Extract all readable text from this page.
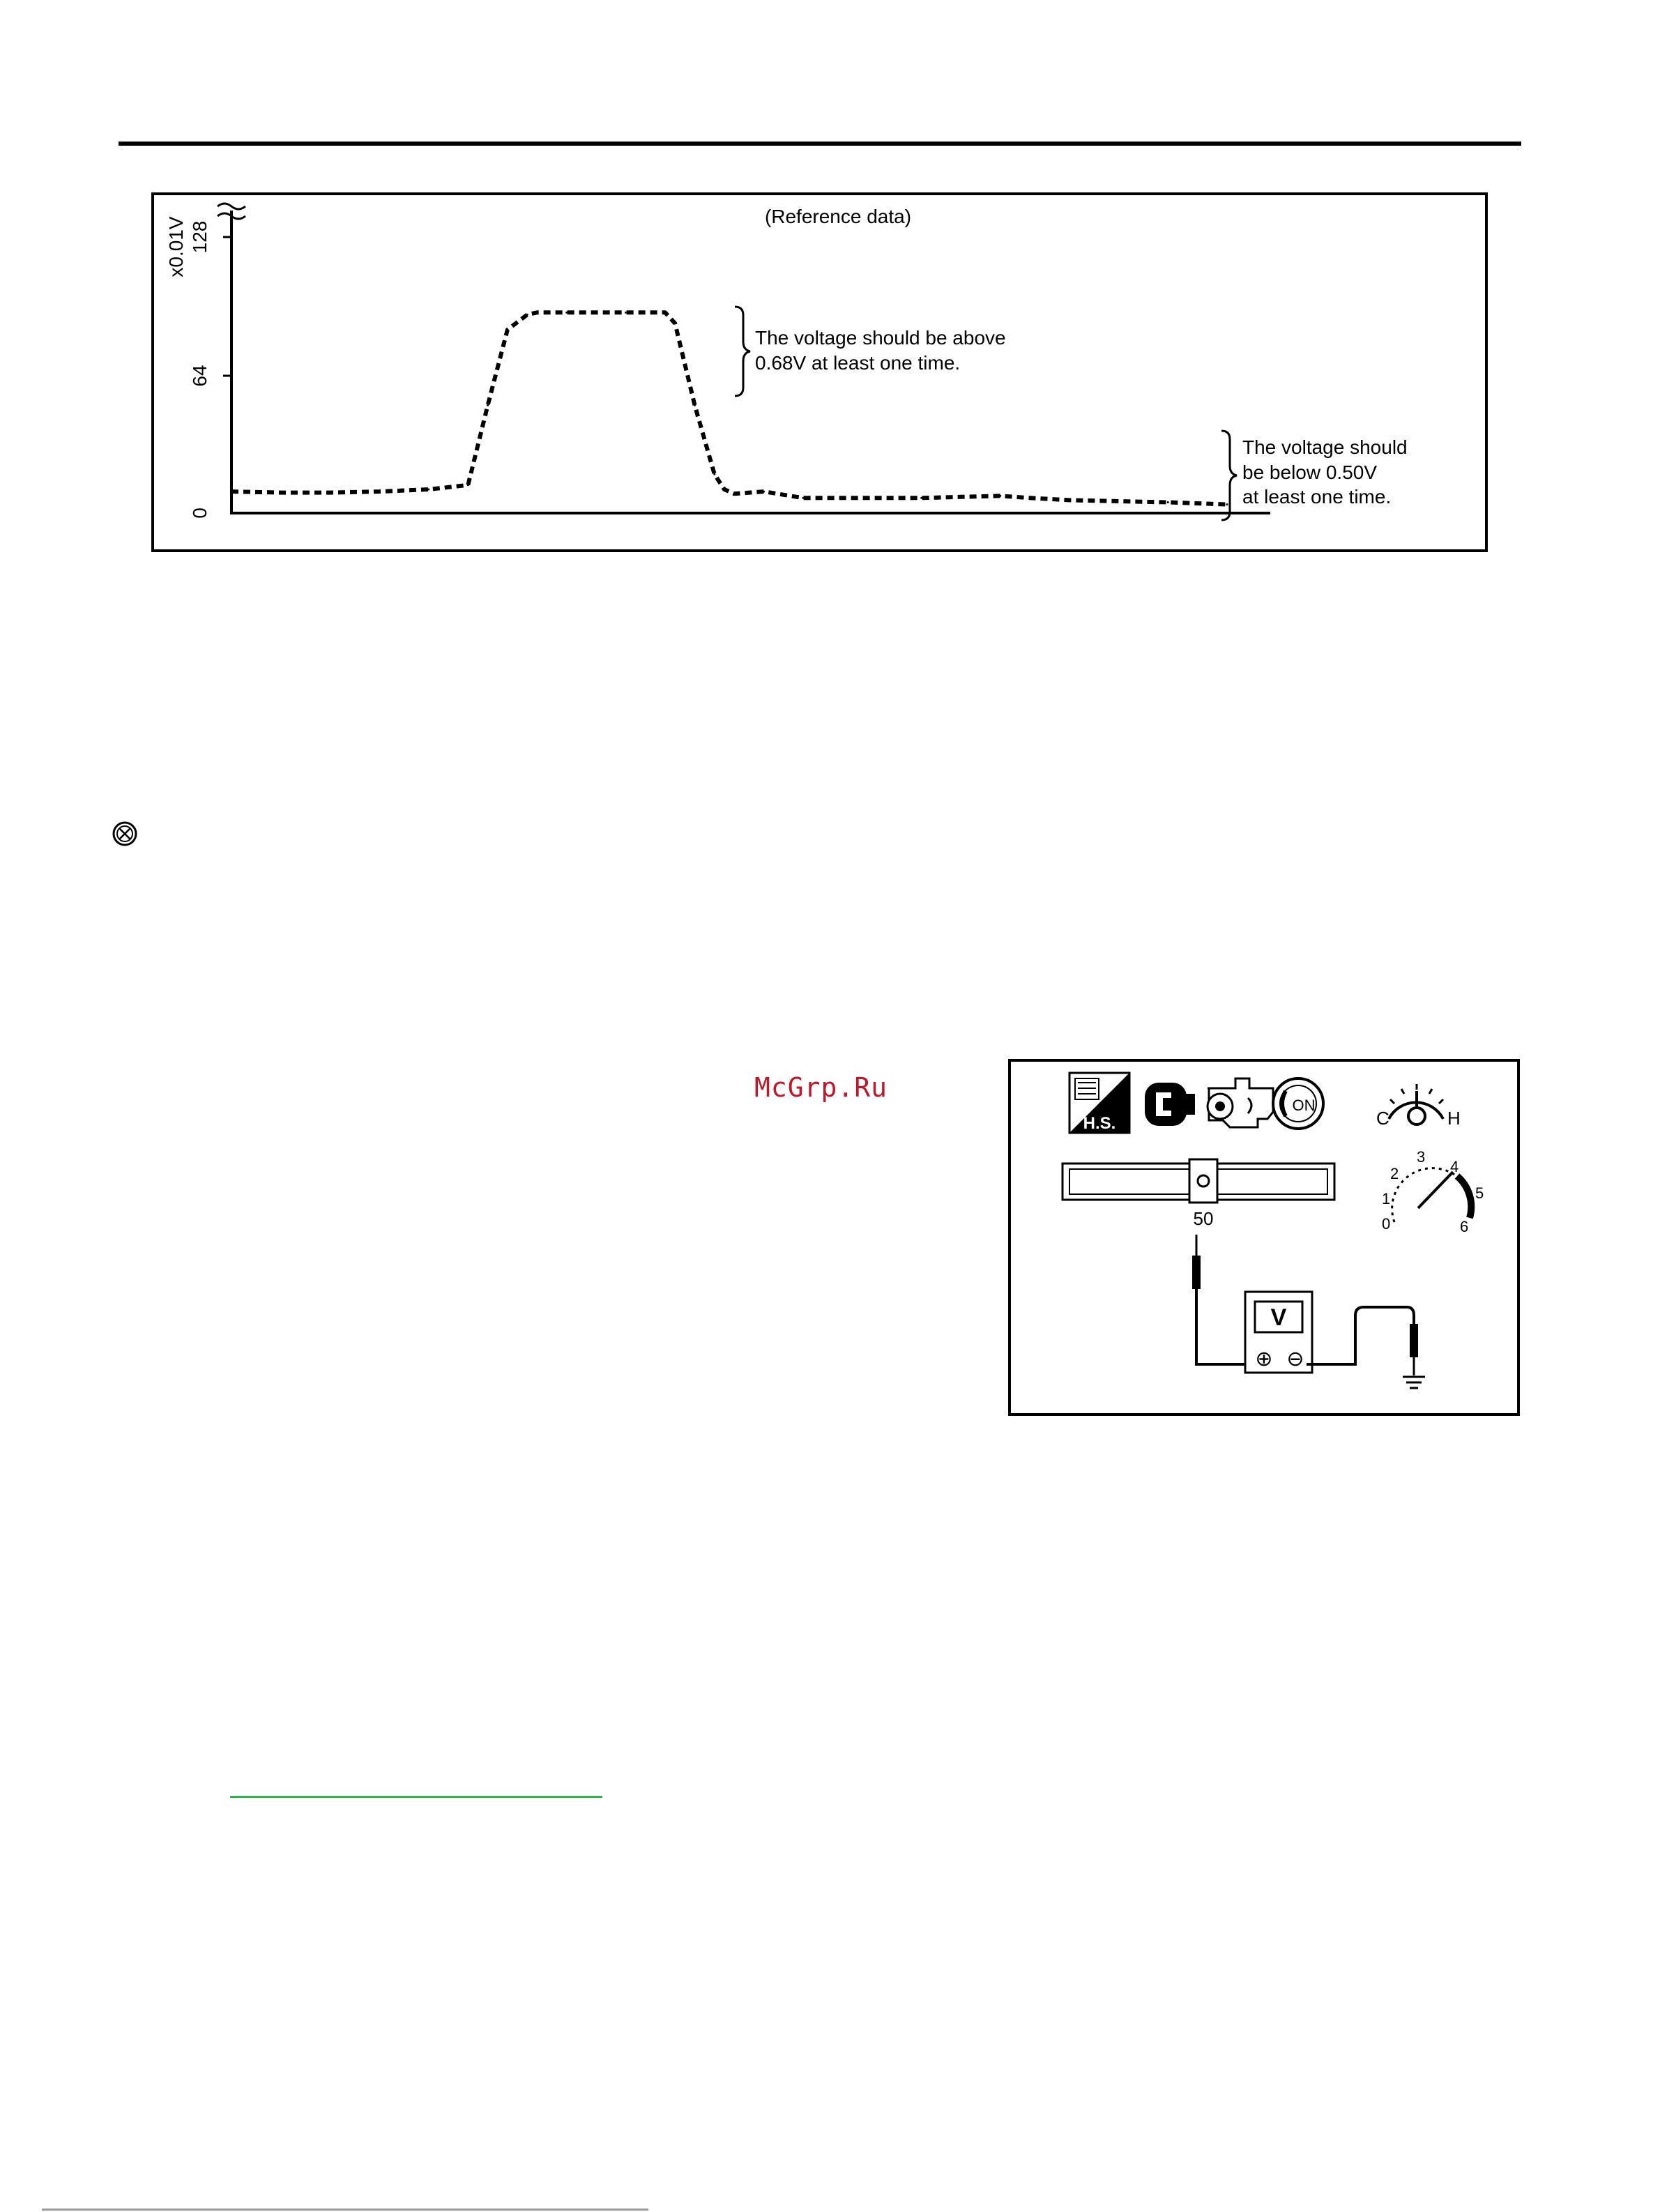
0
64
128
x0.01V	(Reference data)
The voltage should be above
0.68V at least one time.
The voltage should
be below 0.50V
at least one time.
McGrp.Ru
H.S.
ON
C	H
50	0
1
2
3
4
5
6
V
⊕ ⊖
